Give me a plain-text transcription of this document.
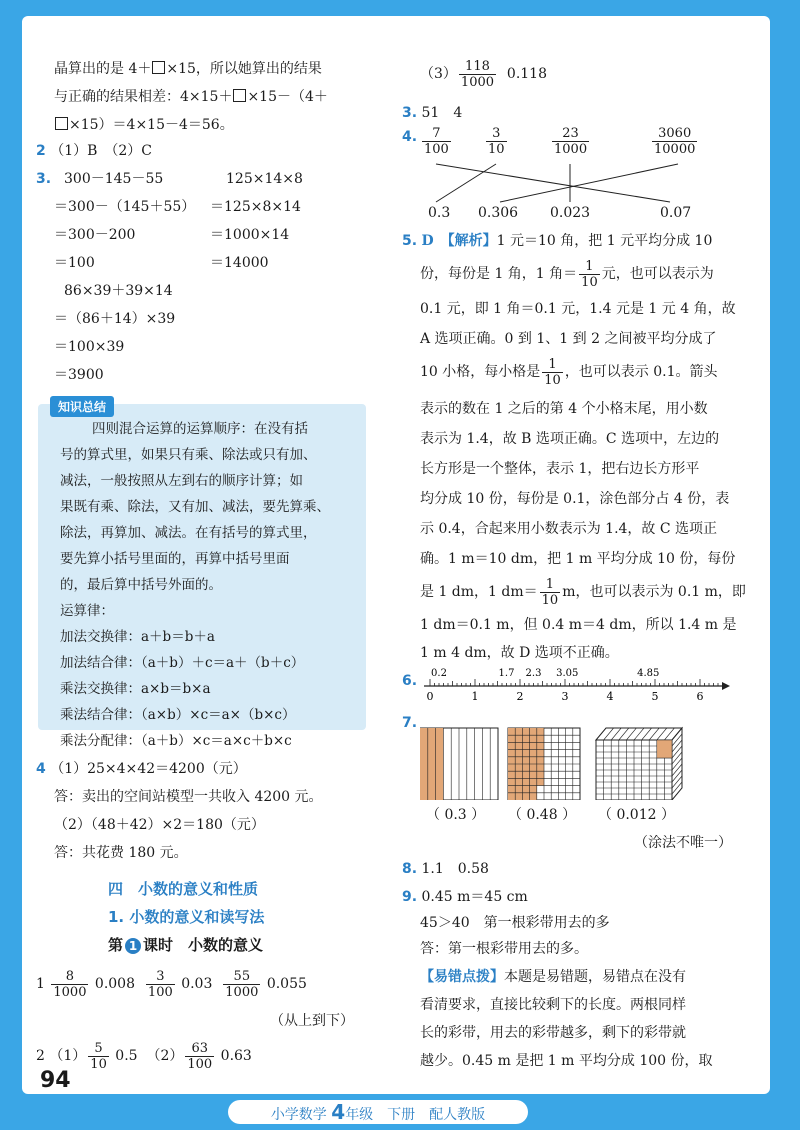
晶算出的是 4＋ ×15，所以她算出的结果
与正确的结果相差：4×15＋ ×15－（4＋
×15）＝4×15－4＝56。
2 （1）B　（2）C
3. 300－145－55
＝300－（145＋55）
＝300－200
＝100
125×14×8
＝125×8×14
＝1000×14
＝14000
86×39＋39×14
＝（86＋14）×39
＝100×39
＝3900
知识总结
四则混合运算的运算顺序：在没有括
号的算式里，如果只有乘、除法或只有加、
减法，一般按照从左到右的顺序计算；如
果既有乘、除法，又有加、减法，要先算乘、
除法，再算加、减法。在有括号的算式里，
要先算小括号里面的，再算中括号里面
的，最后算中括号外面的。
运算律：
加法交换律：a＋b＝b＋a
加法结合律：（a＋b）＋c＝a＋（b＋c）
乘法交换律：a×b＝b×a
乘法结合律：（a×b）×c＝a×（b×c）
乘法分配律：（a＋b）×c＝a×c＋b×c
4 （1）25×4×42＝4200（元）
答：卖出的空间站模型一共收入 4200 元。
（2）（48＋42）×2＝180（元）
答：共花费 180 元。
四　小数的意义和性质
1. 小数的意义和读写法
第 1 课时　小数的意义
$1 \frac{8}{1000} 0.008 \frac{3}{100} 0.03 \frac{55}{1000} 0.055$
（从上到下）
2 $(1) \frac{5}{10} 0.5$ $(2) \frac{63}{100} 0.63$
$(3) \frac{118}{1000} 0.118$
3. 51　4
4. $\frac{7}{100}$	$\frac{3}{10}$	$\frac{23}{1000}$	$\frac{3060}{10000}$
0.3 0.306 0.023	0.07
5. D　【解析】1 元＝10 角，把 1 元平均分成 10
份，每份是 1 角，1 角＝ $\frac{1}{10}$ 元，也可以表示为
0.1 元，即 1 角＝0.1 元，1.4 元是 1 元 4 角，故
A 选项正确。0 到 1、1 到 2 之间被平均分成了
10 小格，每小格是 $\frac{1}{10}$ ，也可以表示 0.1。箭头
表示的数在 1 之后的第 4 个小格末尾，用小数
表示为 1.4，故 B 选项正确。C 选项中，左边的
长方形是一个整体，表示 1，把右边长方形平
均分成 10 份，每份是 0.1，涂色部分占 4 份，表
示 0.4，合起来用小数表示为 1.4，故 C 选项正
确。1 m＝10 dm，把 1 m 平均分成 10 份，每份
是 1 dm，1 $dm= \frac{1}{10}$ m，也可以表示为 0.1 m，即
1 dm＝0.1 m，但 0.4 m＝4 dm，所以 1.4 m 是
1 m 4 dm，故 D 选项不正确。
6. 0.2	1.7 2.3 3.05	4.85
0	1	2	3	4	5	6
7.
（ 0.3 ） （ 0.48 ） （ 0.012 ）
（涂法不唯一）
8. 1.1　0.58
9. 0.45 m＝45 cm
45＞40　第一根彩带用去的多
答：第一根彩带用去的多。
【易错点拨】本题是易错题，易错点在没有
看清要求，直接比较剩下的长度。两根同样
长的彩带，用去的彩带越多，剩下的彩带就
越少。0.45 m 是把 1 m 平均分成 100 份，取
94
小学数学 4年级　下册　配人教版
